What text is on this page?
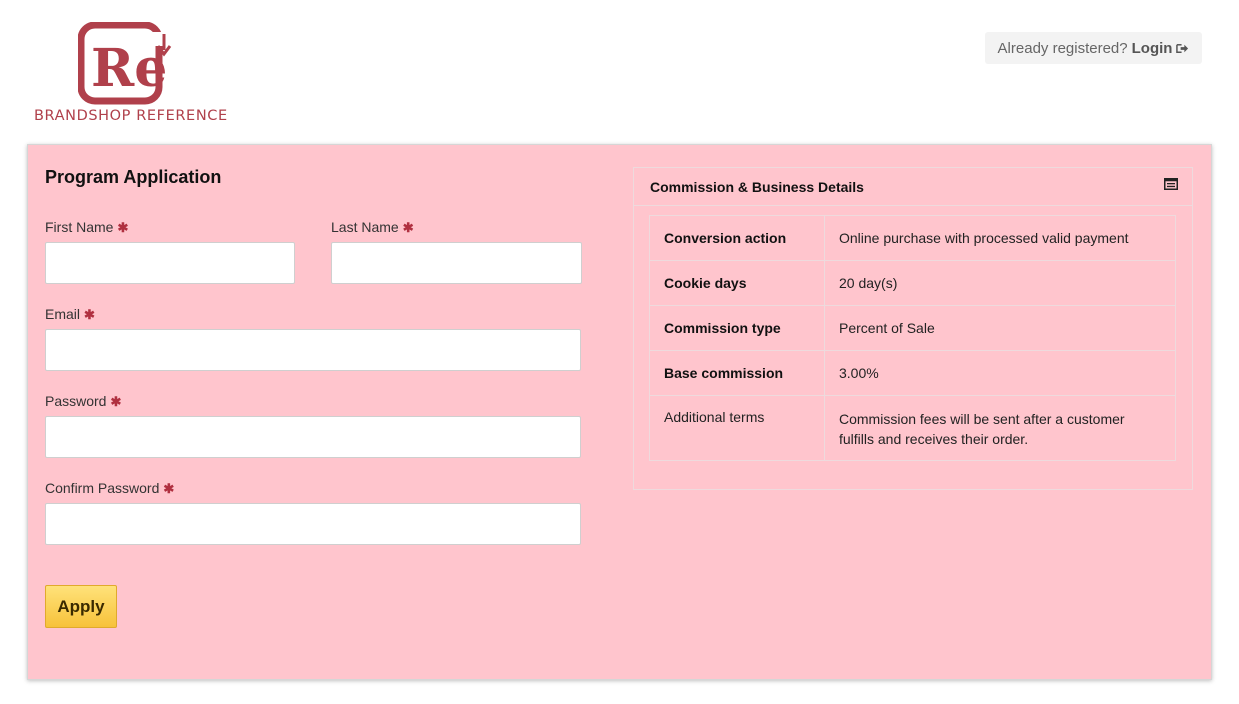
Re
BRANDSHOP REFERENCE
Already registered? Login
Program Application
First Name ✱	Last Name ✱
Email ✱
Password ✱
Confirm Password ✱
Apply
Commission & Business Details
Conversion action	Online purchase with processed valid payment
Cookie days	20 day(s)
Commission type	Percent of Sale
Base commission	3.00%
Additional terms	Commission fees will be sent after a customer fulfills and receives their order.
